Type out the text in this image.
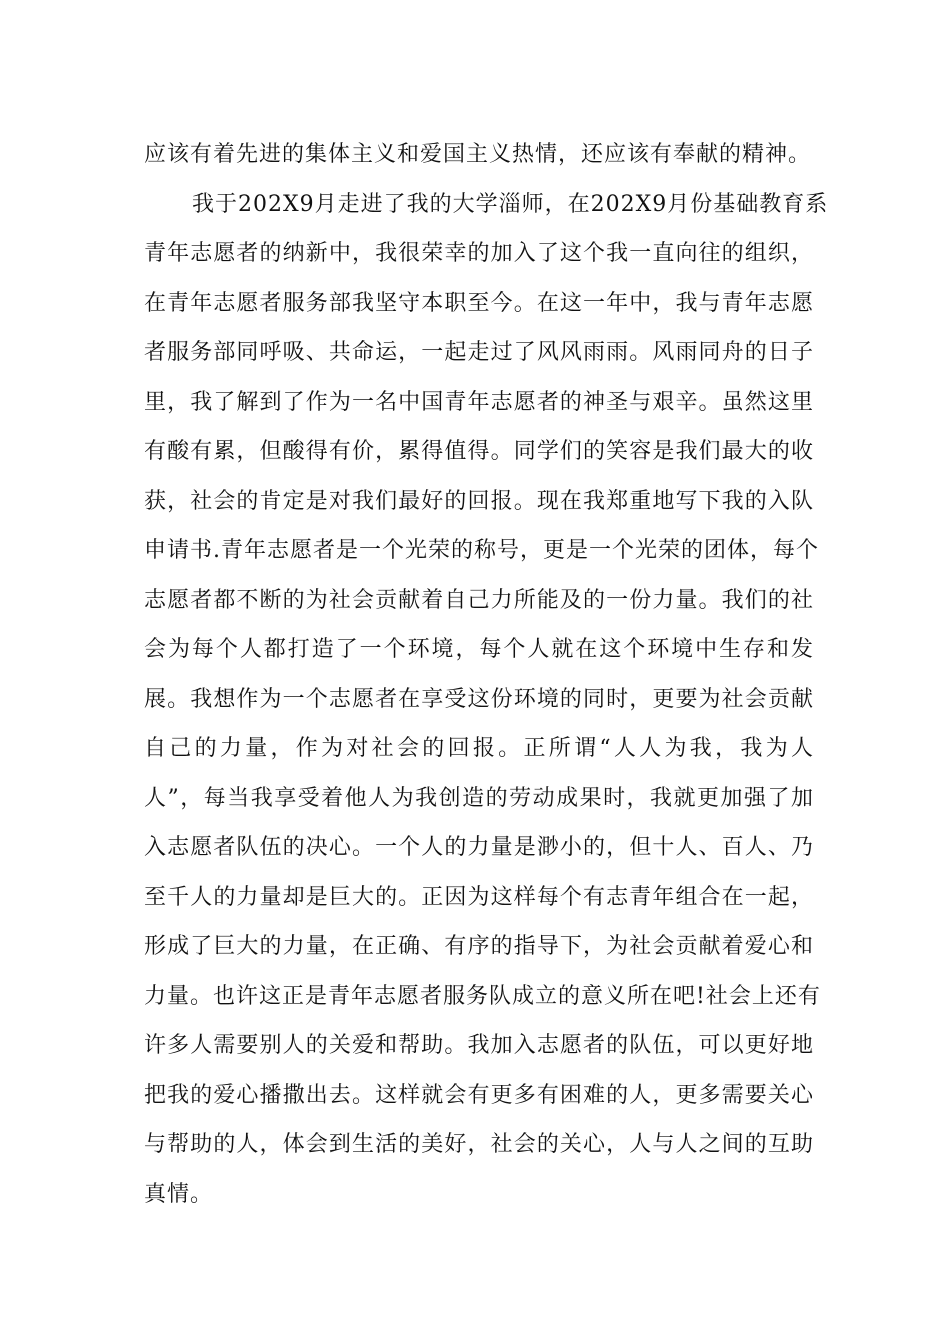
应该有着先进的集体主义和爱国主义热情，还应该有奉献的精神。
我于202X9月走进了我的大学淄师，在202X9月份基础教育系
青年志愿者的纳新中，我很荣幸的加入了这个我一直向往的组织，
在青年志愿者服务部我坚守本职至今。在这一年中，我与青年志愿
者服务部同呼吸、共命运，一起走过了风风雨雨。风雨同舟的日子
里，我了解到了作为一名中国青年志愿者的神圣与艰辛。虽然这里
有酸有累，但酸得有价，累得值得。同学们的笑容是我们最大的收
获，社会的肯定是对我们最好的回报。现在我郑重地写下我的入队
申请书.青年志愿者是一个光荣的称号，更是一个光荣的团体，每个
志愿者都不断的为社会贡献着自己力所能及的一份力量。我们的社
会为每个人都打造了一个环境，每个人就在这个环境中生存和发
展。我想作为一个志愿者在享受这份环境的同时，更要为社会贡献
自己的力量，作为对社会的回报。正所谓“人人为我，我为人
人”，每当我享受着他人为我创造的劳动成果时，我就更加强了加
入志愿者队伍的决心。一个人的力量是渺小的，但十人、百人、乃
至千人的力量却是巨大的。正因为这样每个有志青年组合在一起，
形成了巨大的力量，在正确、有序的指导下，为社会贡献着爱心和
力量。也许这正是青年志愿者服务队成立的意义所在吧!社会上还有
许多人需要别人的关爱和帮助。我加入志愿者的队伍，可以更好地
把我的爱心播撒出去。这样就会有更多有困难的人，更多需要关心
与帮助的人，体会到生活的美好，社会的关心，人与人之间的互助
真情。
